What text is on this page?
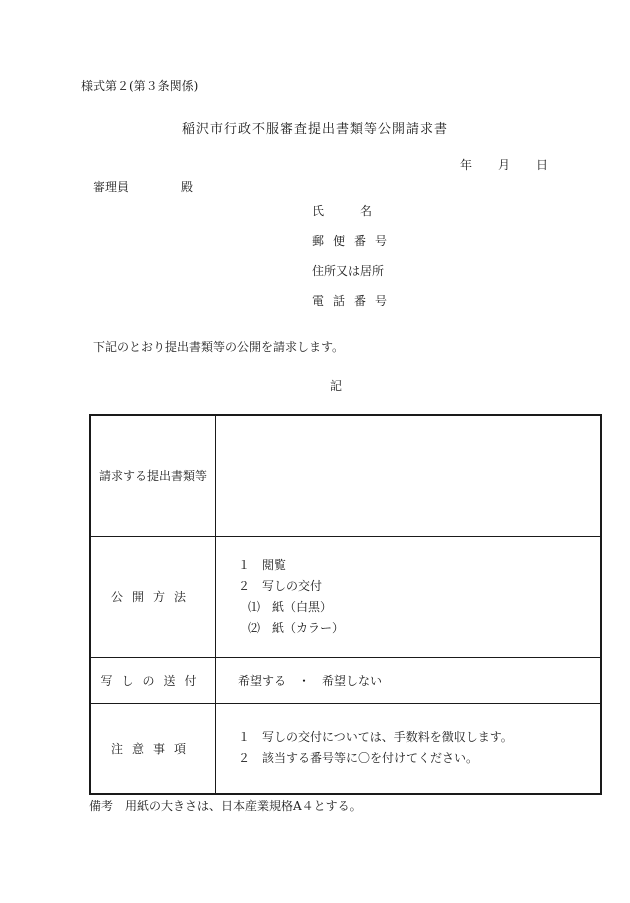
様式第２(第３条関係)
稲沢市行政不服審査提出書類等公開請求書
年 月 日
審理員	殿
氏　　　名
郵便番号
住所又は居所
電話番号
下記のとおり提出書類等の公開を請求します。
記
請求する提出書類等	
公開方法	１　閲覧
２　写しの交付
⑴　紙（白黒）
⑵　紙（カラー）

写しの送付	希望する　・　希望しない
注意事項	１　写しの交付については、手数料を徴収します。
２　該当する番号等に〇を付けてください。
備考　用紙の大きさは、日本産業規格A４とする。
